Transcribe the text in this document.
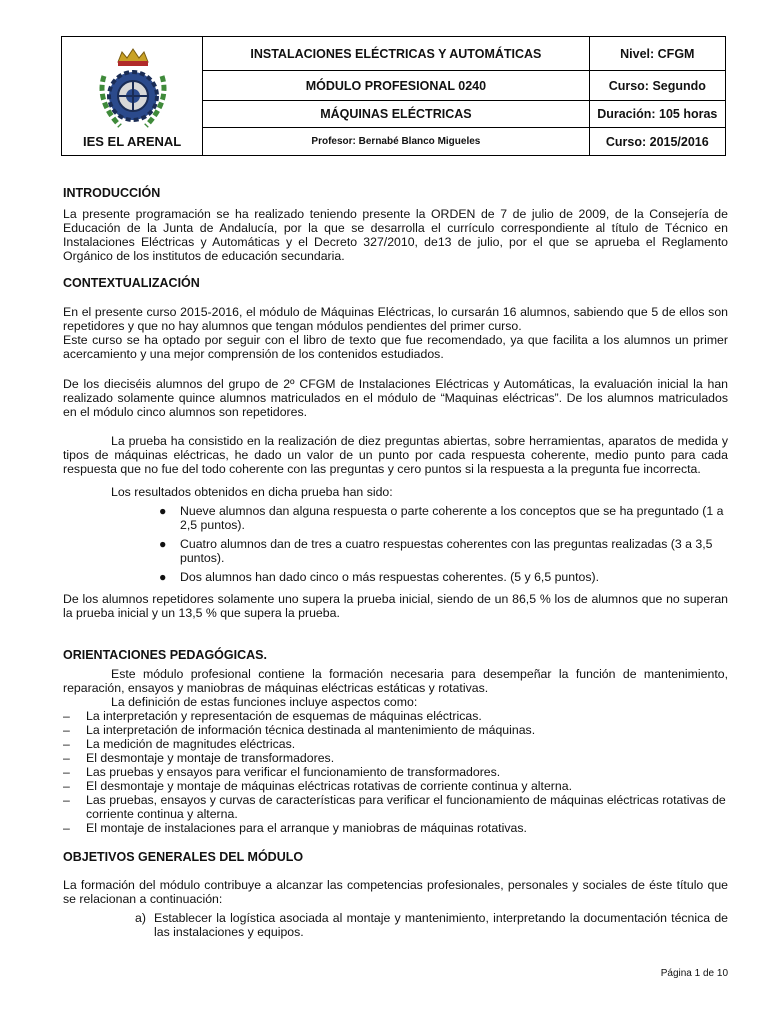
IES EL ARENAL	INSTALACIONES ELÉCTRICAS Y AUTOMÁTICAS	Nivel: CFGM
	MÓDULO PROFESIONAL 0240	Curso: Segundo
	MÁQUINAS ELÉCTRICAS	Duración: 105 horas
	Profesor: Bernabé Blanco Migueles	Curso: 2015/2016

INTRODUCCIÓN

La presente programación se ha realizado teniendo presente la ORDEN de 7 de julio de 2009, de la Consejería de Educación de la Junta de Andalucía, por la que se desarrolla el currículo correspondiente al título de Técnico en Instalaciones Eléctricas y Automáticas y el Decreto 327/2010, de13 de julio, por el que se aprueba el Reglamento Orgánico de los institutos de educación secundaria.

CONTEXTUALIZACIÓN

En el presente curso 2015-2016, el módulo de Máquinas Eléctricas, lo cursarán 16 alumnos, sabiendo que 5 de ellos son repetidores y que no hay alumnos que tengan módulos pendientes del primer curso.

Este curso se ha optado por seguir con el libro de texto que fue recomendado, ya que facilita a los alumnos un primer acercamiento y una mejor comprensión de los contenidos estudiados.

De los dieciséis alumnos del grupo de 2º CFGM de Instalaciones Eléctricas y Automáticas, la evaluación inicial la han realizado solamente quince alumnos matriculados en el módulo de “Maquinas eléctricas”. De los alumnos matriculados en el módulo cinco alumnos son repetidores.

La prueba ha consistido en la realización de diez preguntas abiertas, sobre herramientas, aparatos de medida y tipos de máquinas eléctricas, he dado un valor de un punto por cada respuesta coherente, medio punto para cada respuesta que no fue del todo coherente con las preguntas y cero puntos si la respuesta a la pregunta fue incorrecta.

Los resultados obtenidos en dicha prueba han sido:

● Nueve alumnos dan alguna respuesta o parte coherente a los conceptos que se ha preguntado (1 a 2,5 puntos).
● Cuatro alumnos dan de tres a cuatro respuestas coherentes con las preguntas realizadas (3 a 3,5 puntos).
● Dos alumnos han dado cinco o más respuestas coherentes. (5 y 6,5 puntos).

De los alumnos repetidores solamente uno supera la prueba inicial, siendo de un 86,5 % los de alumnos que no superan la prueba inicial y un 13,5 % que supera la prueba.

ORIENTACIONES PEDAGÓGICAS.

Este módulo profesional contiene la formación necesaria para desempeñar la función de mantenimiento, reparación, ensayos y maniobras de máquinas eléctricas estáticas y rotativas.

La definición de estas funciones incluye aspectos como:

– La interpretación y representación de esquemas de máquinas eléctricas.
– La interpretación de información técnica destinada al mantenimiento de máquinas.
– La medición de magnitudes eléctricas.
– El desmontaje y montaje de transformadores.
– Las pruebas y ensayos para verificar el funcionamiento de transformadores.
– El desmontaje y montaje de máquinas eléctricas rotativas de corriente continua y alterna.
– Las pruebas, ensayos y curvas de características para verificar el funcionamiento de máquinas eléctricas rotativas de corriente continua y alterna.
– El montaje de instalaciones para el arranque y maniobras de máquinas rotativas.

OBJETIVOS GENERALES DEL MÓDULO

La formación del módulo contribuye a alcanzar las competencias profesionales, personales y sociales de éste título que se relacionan a continuación:

a) Establecer la logística asociada al montaje y mantenimiento, interpretando la documentación técnica de las instalaciones y equipos.
Página 1 de 10
